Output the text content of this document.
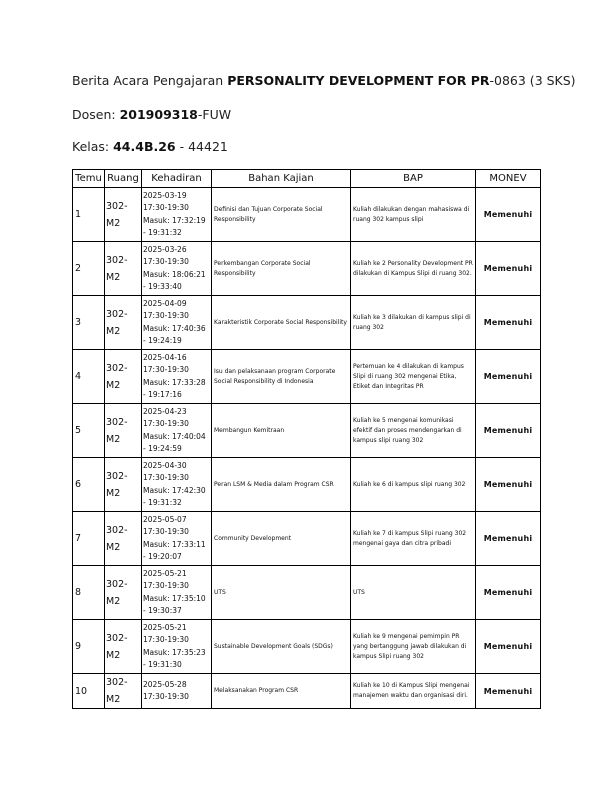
Berita Acara Pengajaran PERSONALITY DEVELOPMENT FOR PR-0863 (3 SKS)
Dosen: 201909318-FUW
Kelas: 44.4B.26 - 44421
Temu	Ruang	Kehadiran	Bahan Kajian	BAP	MONEV
1	302-M2	2025-03-19
17:30-19:30
Masuk: 17:32:19 - 19:31:32	Definisi dan Tujuan Corporate Social Responsibility	Kuliah dilakukan dengan mahasiswa di ruang 302 kampus slipi	Memenuhi
2	302-M2	2025-03-26
17:30-19:30
Masuk: 18:06:21 - 19:33:40	Perkembangan Corporate Social Responsibility	Kuliah ke 2 Personality Development PR dilakukan di Kampus Slipi di ruang 302.	Memenuhi
3	302-M2	2025-04-09
17:30-19:30
Masuk: 17:40:36 - 19:24:19	Karakteristik Corporate Social Responsibility	Kuliah ke 3 dilakukan di kampus slipi di ruang 302	Memenuhi
4	302-M2	2025-04-16
17:30-19:30
Masuk: 17:33:28 - 19:17:16	Isu dan pelaksanaan program Corporate Social Responsibility di Indonesia	Pertemuan ke 4 dilakukan di kampus Slipi di ruang 302 mengenai Etika, Etiket dan Integritas PR	Memenuhi
5	302-M2	2025-04-23
17:30-19:30
Masuk: 17:40:04 - 19:24:59	Membangun Kemitraan	Kuliah ke 5 mengenai komunikasi efektif dan proses mendengarkan di kampus slipi ruang 302	Memenuhi
6	302-M2	2025-04-30
17:30-19:30
Masuk: 17:42:30 - 19:31:32	Peran LSM & Media dalam Program CSR	Kuliah ke 6 di kampus slipi ruang 302	Memenuhi
7	302-M2	2025-05-07
17:30-19:30
Masuk: 17:33:11 - 19:20:07	Community Development	Kuliah ke 7 di kampus Slipi ruang 302 mengenai gaya dan citra pribadi	Memenuhi
8	302-M2	2025-05-21
17:30-19:30
Masuk: 17:35:10 - 19:30:37	UTS	UTS	Memenuhi
9	302-M2	2025-05-21
17:30-19:30
Masuk: 17:35:23 - 19:31:30	Sustainable Development Goals (SDGs)	Kuliah ke 9 mengenai pemimpin PR yang bertanggung jawab dilakukan di kampus Slipi ruang 302	Memenuhi
10	302-M2	2025-05-28
17:30-19:30	Melaksanakan Program CSR	Kuliah ke 10 di Kampus Slipi mengenai manajemen waktu dan organisasi diri.	Memenuhi
